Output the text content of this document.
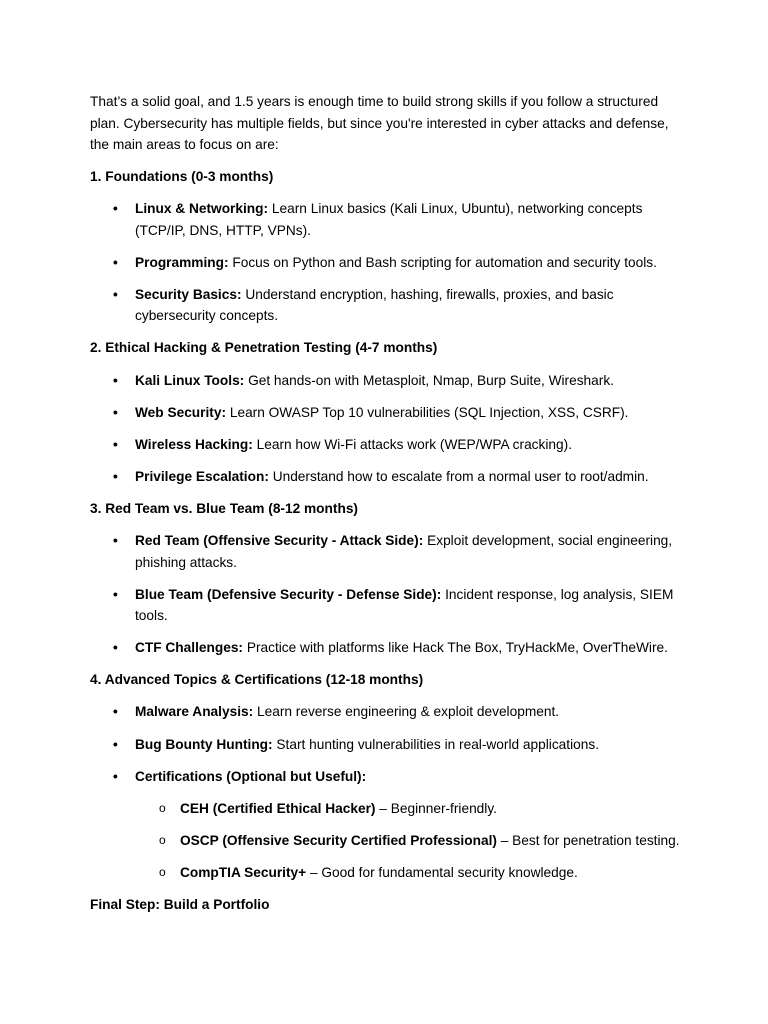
That’s a solid goal, and 1.5 years is enough time to build strong skills if you follow a structured plan. Cybersecurity has multiple fields, but since you're interested in cyber attacks and defense, the main areas to focus on are:

1. Foundations (0-3 months)
• Linux & Networking: Learn Linux basics (Kali Linux, Ubuntu), networking concepts (TCP/IP, DNS, HTTP, VPNs).
• Programming: Focus on Python and Bash scripting for automation and security tools.
• Security Basics: Understand encryption, hashing, firewalls, proxies, and basic cybersecurity concepts.
2. Ethical Hacking & Penetration Testing (4-7 months)
• Kali Linux Tools: Get hands-on with Metasploit, Nmap, Burp Suite, Wireshark.
• Web Security: Learn OWASP Top 10 vulnerabilities (SQL Injection, XSS, CSRF).
• Wireless Hacking: Learn how Wi-Fi attacks work (WEP/WPA cracking).
• Privilege Escalation: Understand how to escalate from a normal user to root/admin.
3. Red Team vs. Blue Team (8-12 months)
• Red Team (Offensive Security - Attack Side): Exploit development, social engineering, phishing attacks.
• Blue Team (Defensive Security - Defense Side): Incident response, log analysis, SIEM tools.
• CTF Challenges: Practice with platforms like Hack The Box, TryHackMe, OverTheWire.
4. Advanced Topics & Certifications (12-18 months)
• Malware Analysis: Learn reverse engineering & exploit development.
• Bug Bounty Hunting: Start hunting vulnerabilities in real-world applications.
• Certifications (Optional but Useful):
o CEH (Certified Ethical Hacker) – Beginner-friendly.
o OSCP (Offensive Security Certified Professional) – Best for penetration testing.
o CompTIA Security+ – Good for fundamental security knowledge.
Final Step: Build a Portfolio
